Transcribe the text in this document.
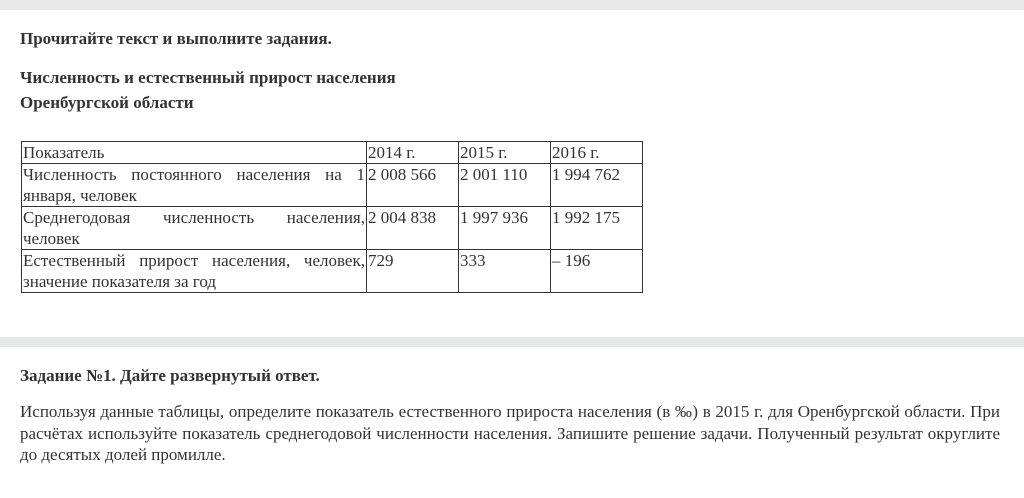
Прочитайте текст и выполните задания.
Численность и естественный прирост населения
Оренбургской области
Показатель	2014 г.	2015 г.	2016 г.
Численность постоянного населения на 1 января, человек	2 008 566	2 001 110	1 994 762
Среднегодовая численность населения, человек	2 004 838	1 997 936	1 992 175
Естественный прирост населения, человек, значение показателя за год	729	333	– 196
Задание №1. Дайте развернутый ответ.
Используя данные таблицы, определите показатель естественного прироста населения (в ‰) в 2015 г. для Оренбургской области. При расчётах используйте показатель среднегодовой численности населения. Запишите решение задачи. Полученный результат округлите до десятых долей промилле.
